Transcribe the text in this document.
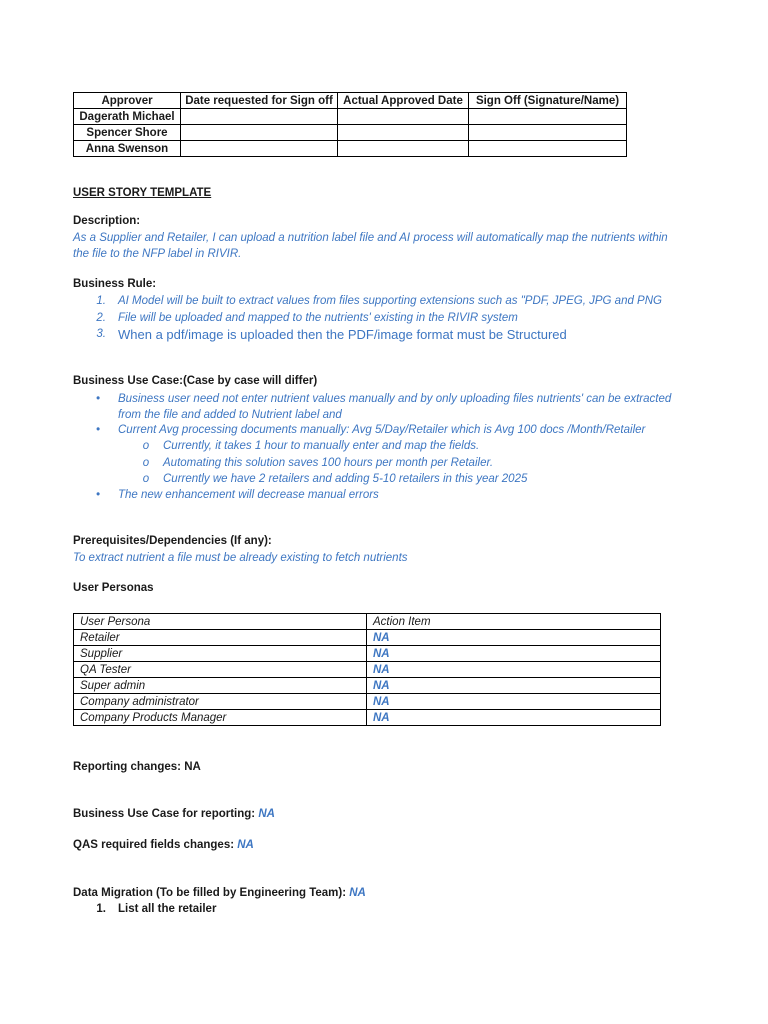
Approver	Date requested for Sign off	Actual Approved Date	Sign Off (Signature/Name)
Dagerath Michael			
Spencer Shore			
Anna Swenson			
USER STORY TEMPLATE
Description:
As a Supplier and Retailer, I can upload a nutrition label file and AI process will automatically map the nutrients within
the file to the NFP label in RIVIR.
Business Rule:
1. AI Model will be built to extract values from files supporting extensions such as "PDF, JPEG, JPG and PNG
2. File will be uploaded and mapped to the nutrients' existing in the RIVIR system
3. When a pdf/image is uploaded then the PDF/image format must be Structured
Business Use Case:(Case by case will differ)
•	Business user need not enter nutrient values manually and by only uploading files nutrients' can be extracted
from the file and added to Nutrient label and
•	Current Avg processing documents manually: Avg 5/Day/Retailer which is Avg 100 docs /Month/Retailer
o Currently, it takes 1 hour to manually enter and map the fields.
o Automating this solution saves 100 hours per month per Retailer.
o Currently we have 2 retailers and adding 5-10 retailers in this year 2025
•	The new enhancement will decrease manual errors
Prerequisites/Dependencies (If any):
To extract nutrient a file must be already existing to fetch nutrients
User Personas
User Persona	Action Item
Retailer	NA
Supplier	NA
QA Tester	NA
Super admin	NA
Company administrator	NA
Company Products Manager	NA
Reporting changes: NA
Business Use Case for reporting: NA
QAS required fields changes: NA
Data Migration (To be filled by Engineering Team): NA
1. List all the retailer
